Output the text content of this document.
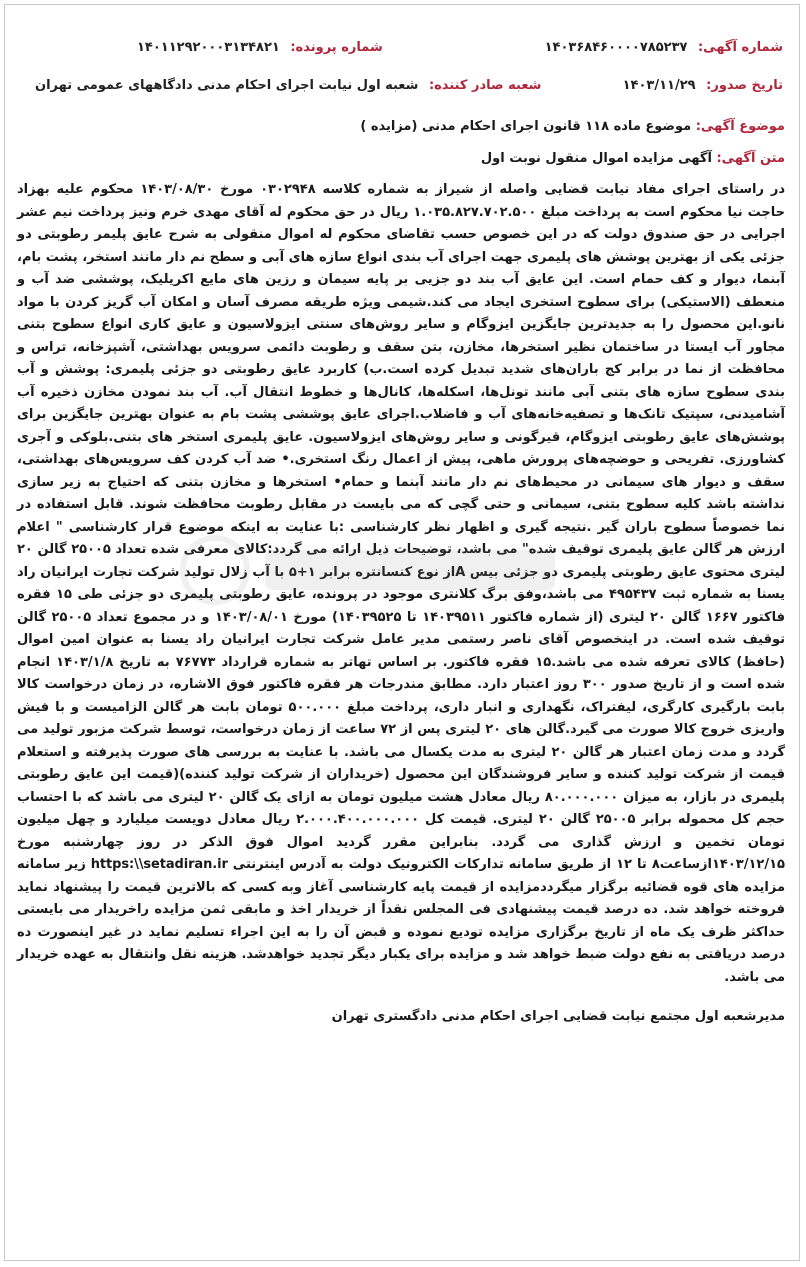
شماره آگهی: ۱۴۰۳۶۸۴۶۰۰۰۰۷۸۵۲۳۷
شماره پرونده: ۱۴۰۱۱۲۹۲۰۰۰۳۱۳۴۸۲۱
تاریخ صدور: ۱۴۰۳/۱۱/۲۹
شعبه صادر کننده: شعبه اول نیابت اجرای احکام مدنی دادگاههای عمومی تهران
موضوع آگهی: موضوع ماده ۱۱۸ قانون اجرای احکام مدنی (مزایده )
متن آگهی: آگهی مزایده اموال منقول نوبت اول

در راستای اجرای مفاد نیابت قضایی واصله از شیراز به شماره کلاسه ۰۳۰۲۹۴۸ مورخ ۱۴۰۳/۰۸/۳۰ محکوم علیه بهزاد حاجت نیا محکوم است به پرداخت مبلغ ۱.۰۳۵.۸۲۷.۷۰۲.۵۰۰ ریال در حق محکوم له آقای مهدی خرم ونیز پرداخت نیم عشر اجرایی در حق صندوق دولت که در این خصوص حسب تقاضای محکوم له اموال منقولی به شرح عایق پلیمر رطوبتی دو جزئی یکی از بهترین پوشش های پلیمری جهت اجرای آب بندی انواع سازه های آبی و سطح نم دار مانند استخر، پشت بام، آبنما، دیوار و کف حمام است. این عایق آب بند دو جزیی بر پایه سیمان و رزین های مایع اکریلیک، پوششی ضد آب و منعطف (الاستیکی) برای سطوح استخری ایجاد می کند.شیمی ویژه طریقه مصرف آسان و امکان آب گریز کردن با مواد نانو.این محصول را به جدیدترین جایگزین ایزوگام و سایر روش‌های سنتی ایزولاسیون و عایق کاری انواع سطوح بتنی مجاور آب ایستا در ساختمان نظیر استخرها، مخازن، بتن سقف و رطوبت دائمی سرویس بهداشتی، آشپزخانه، تراس و محافظت از نما در برابر کج باران‌های شدید تبدیل کرده است.ب) کاربرد عایق رطوبتی دو جزئی پلیمری: پوشش و آب بندی سطوح سازه های بتنی آبی مانند تونل‌ها، اسکله‌ها، کانال‌ها و خطوط انتقال آب. آب بند نمودن مخازن ذخیره آب آشامیدنی، سپتیک تانک‌ها و تصفیه‌خانه‌های آب و فاضلاب.اجرای عایق پوششی پشت بام به عنوان بهترین جایگزین برای پوشش‌های عایق رطوبتی ایزوگام، قیرگونی و سایر روش‌های ایزولاسیون. عایق پلیمری استخر های بتنی.بلوکی و آجری کشاورزی. تفریحی و حوضچه‌های پرورش ماهی، پیش از اعمال رنگ استخری.• ضد آب کردن کف سرویس‌های بهداشتی، سقف و دیوار های سیمانی در محیط‌های نم دار مانند آبنما و حمام• استخرها و مخازن بتنی که احتیاج به زیر سازی نداشته باشد کلیه سطوح بتنی، سیمانی و حتی گچی که می بایست در مقابل رطوبت محافظت شوند. قابل استفاده در نما خصوصاً سطوح باران گیر .نتیجه گیری و اظهار نظر کارشناسی :با عنایت به اینکه موضوع قرار کارشناسی " اعلام ارزش هر گالن عایق پلیمری توقیف شده" می باشد، توضیحات ذیل ارائه می گردد:کالای معرفی شده تعداد ۲۵۰۰۵ گالن ۲۰ لیتری محتوی عایق رطوبتی پلیمری دو جزئی بیس Aاز نوع کنسانتره برابر ۱+۵ با آب زلال تولید شرکت تجارت ایرانیان راد یسنا به شماره ثبت ۴۹۵۴۳۷ می باشد،وفق برگ کلانتری موجود در پرونده، عایق رطوبتی پلیمری دو جزئی طی ۱۵ فقره فاکتور ۱۶۶۷ گالن ۲۰ لیتری (از شماره فاکتور ۱۴۰۳۹۵۱۱ تا ۱۴۰۳۹۵۲۵) مورخ ۱۴۰۳/۰۸/۰۱ و در مجموع تعداد ۲۵۰۰۵ گالن توقیف شده است. در اینخصوص آقای ناصر رستمی مدیر عامل شرکت تجارت ایرانیان راد یسنا به عنوان امین اموال (حافظ) کالای تعرفه شده می باشد.۱۵ فقره فاکتور. بر اساس تهاتر به شماره قرارداد ۷۶۷۷۳ به تاریخ ۱۴۰۳/۱/۸ انجام شده است و از تاریخ صدور ۳۰۰ روز اعتبار دارد. مطابق مندرجات هر فقره فاکتور فوق الاشاره، در زمان درخواست کالا بابت بارگیری کارگری، لیفتراک، نگهداری و انبار داری، پرداخت مبلغ ۵۰۰.۰۰۰ تومان بابت هر گالن الزامیست و با فیش واریزی خروج کالا صورت می گیرد.گالن های ۲۰ لیتری پس از ۷۲ ساعت از زمان درخواست، توسط شرکت مزبور تولید می گردد و مدت زمان اعتبار هر گالن ۲۰ لیتری به مدت یکسال می باشد. با عنایت به بررسی های صورت پذیرفته و استعلام قیمت از شرکت تولید کننده و سایر فروشندگان این محصول (خریداران از شرکت تولید کننده)(قیمت این عایق رطوبتی پلیمری در بازار، به میزان ۸۰.۰۰۰.۰۰۰ ریال معادل هشت میلیون تومان به ازای یک گالن ۲۰ لیتری می باشد که با احتساب حجم کل محموله برابر ۲۵۰۰۵ گالن ۲۰ لیتری. قیمت کل ۲.۰۰۰.۴۰۰.۰۰۰.۰۰۰ ریال معادل دویست میلیارد و چهل میلیون تومان تخمین و ارزش گذاری می گردد. بنابراین مقرر گردید اموال فوق الذکر در روز چهارشنبه مورخ ۱۴۰۳/۱۲/۱۵ازساعت۸ تا ۱۲ از طریق سامانه تدارکات الکترونیک دولت به آدرس اینترنتی https:\\setadiran.ir زیر سامانه مزایده های قوه قضائیه برگزار میگرددمزایده از قیمت پایه کارشناسی آغاز وبه کسی که بالاترین قیمت را پیشنهاد نماید فروخته خواهد شد. ده درصد قیمت پیشنهادی فی المجلس نقداً از خریدار اخذ و مابقی ثمن مزایده راخریدار می بایستی حداکثر ظرف یک ماه از تاریخ برگزاری مزایده تودیع نموده و قبض آن را به این اجراء تسلیم نماید در غیر اینصورت ده درصد دریافتی به نفع دولت ضبط خواهد شد و مزایده برای یکبار دیگر تجدید خواهدشد. هزینه نقل وانتقال به عهده خریدار می باشد.

مدیرشعبه اول مجتمع نیابت قضایی اجرای احکام مدنی دادگستری تهران
